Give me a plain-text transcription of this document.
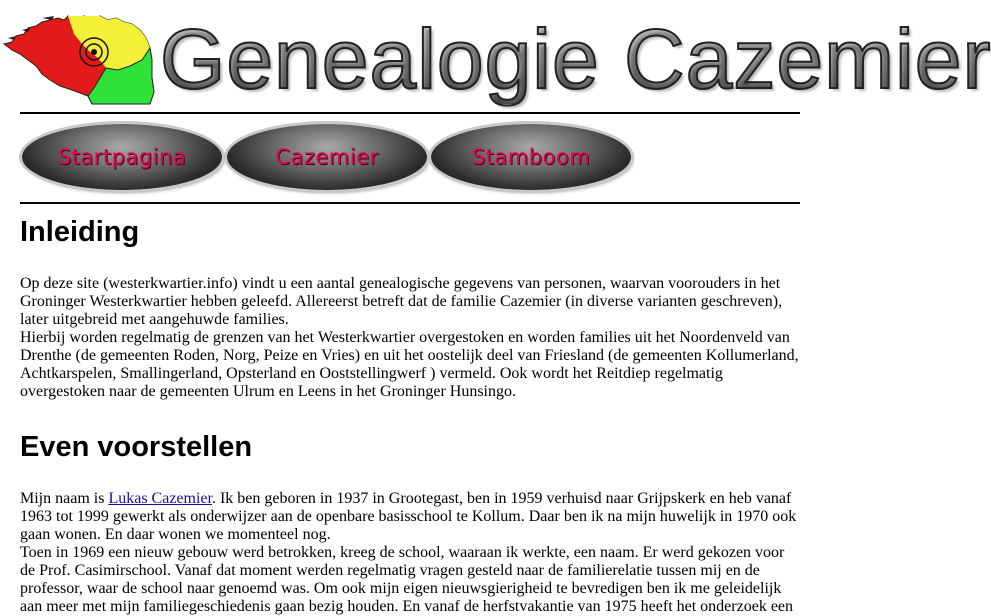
Genealogie Cazemier
Startpagina	Cazemier	Stamboom
Inleiding

Op deze site (westerkwartier.info) vindt u een aantal genealogische gegevens van personen, waarvan voorouders in het Groninger Westerkwartier hebben geleefd. Allereerst betreft dat de familie Cazemier (in diverse varianten geschreven), later uitgebreid met aangehuwde families.

Hierbij worden regelmatig de grenzen van het Westerkwartier overgestoken en worden families uit het Noordenveld van Drenthe (de gemeenten Roden, Norg, Peize en Vries) en uit het oostelijk deel van Friesland (de gemeenten Kollumerland, Achtkarspelen, Smallingerland, Opsterland en Ooststellingwerf ) vermeld. Ook wordt het Reitdiep regelmatig overgestoken naar de gemeenten Ulrum en Leens in het Groninger Hunsingo.

Even voorstellen

Mijn naam is Lukas Cazemier. Ik ben geboren in 1937 in Grootegast, ben in 1959 verhuisd naar Grijpskerk en heb vanaf 1963 tot 1999 gewerkt als onderwijzer aan de openbare basisschool te Kollum. Daar ben ik na mijn huwelijk in 1970 ook gaan wonen. En daar wonen we momenteel nog.

Toen in 1969 een nieuw gebouw werd betrokken, kreeg de school, waaraan ik werkte, een naam. Er werd gekozen voor de Prof. Casimirschool. Vanaf dat moment werden regelmatig vragen gesteld naar de familierelatie tussen mij en de professor, waar de school naar genoemd was. Om ook mijn eigen nieuwsgierigheid te bevredigen ben ik me geleidelijk aan meer met mijn familiegeschiedenis gaan bezig houden. En vanaf de herfstvakantie van 1975 heeft het onderzoek een
